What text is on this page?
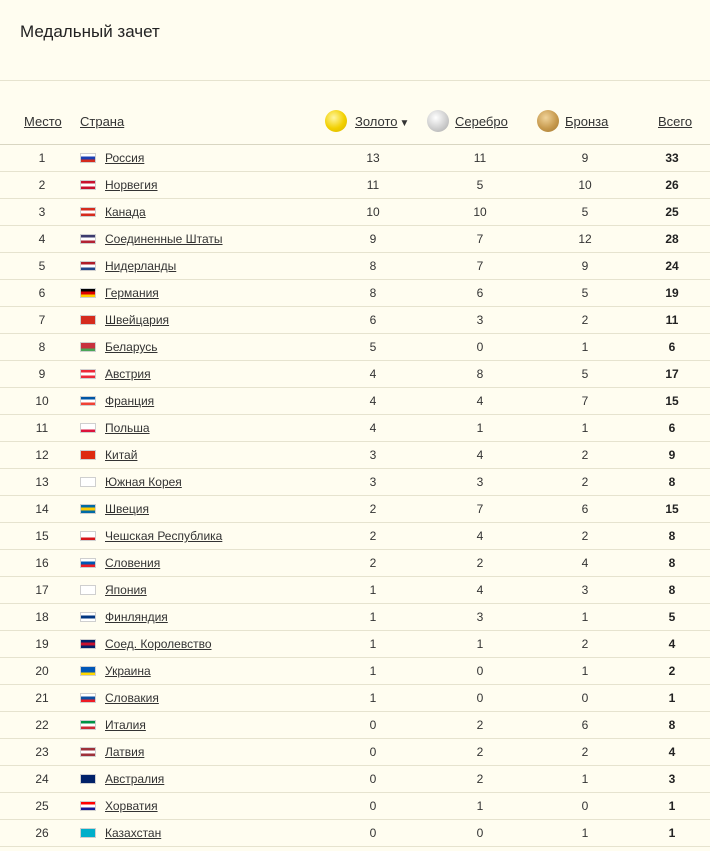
Медальный зачет
Место Страна	Золото ▼	Серебро	Бронза	Всего
1	Россия	13	11	9	33
2	Норвегия	11	5	10	26
3	Канада	10	10	5	25
4	Соединенные Штаты	9	7	12	28
5	Нидерланды	8	7	9	24
6	Германия	8	6	5	19
7	Швейцария	6	3	2	11
8	Беларусь	5	0	1	6
9	Австрия	4	8	5	17
10	Франция	4	4	7	15
11	Польша	4	1	1	6
12	Китай	3	4	2	9
13	Южная Корея	3	3	2	8
14	Швеция	2	7	6	15
15	Чешская Республика	2	4	2	8
16	Словения	2	2	4	8
17	Япония	1	4	3	8
18	Финляндия	1	3	1	5
19	Соед. Королевство	1	1	2	4
20	Украина	1	0	1	2
21	Словакия	1	0	0	1
22	Италия	0	2	6	8
23	Латвия	0	2	2	4
24	Австралия	0	2	1	3
25	Хорватия	0	1	0	1
26	Казахстан	0	0	1	1
